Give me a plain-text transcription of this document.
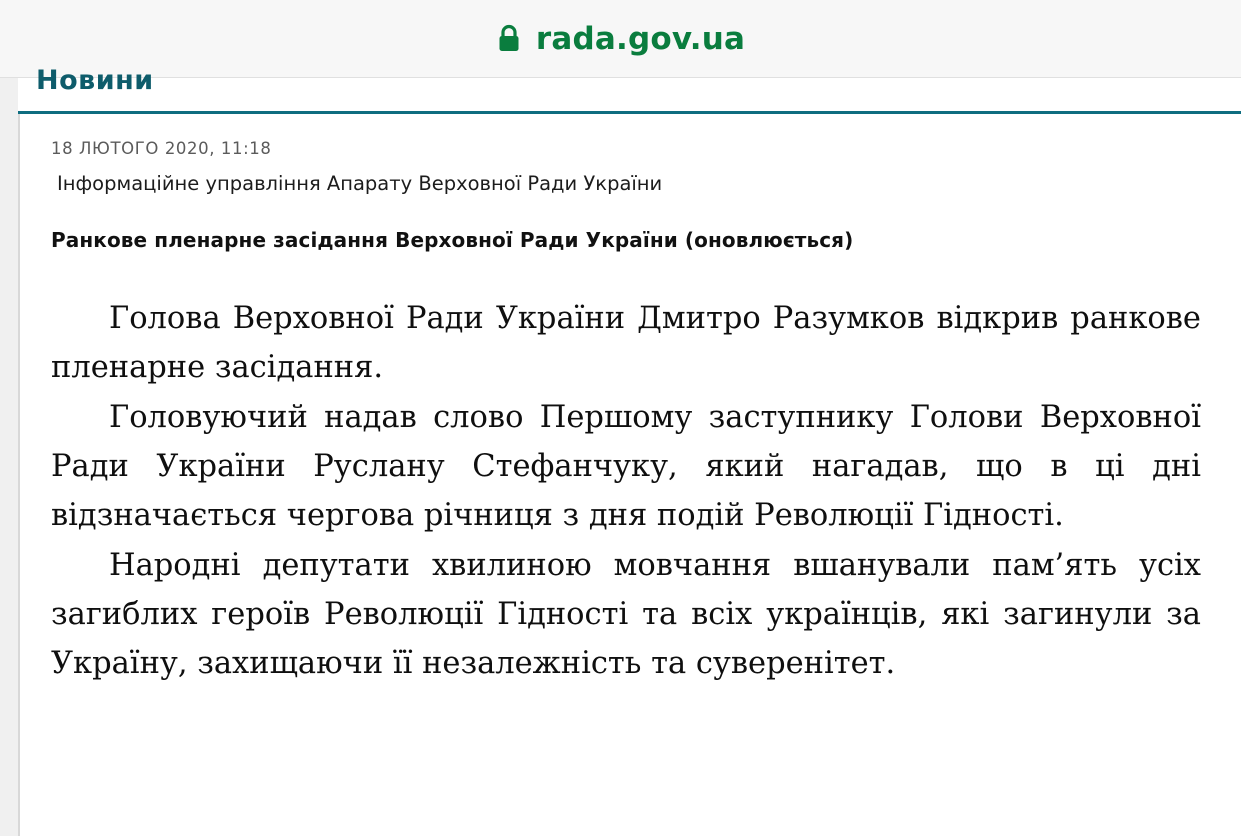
rada.gov.ua
Новини
18 ЛЮТОГО 2020, 11:18
Інформаційне управління Апарату Верховної Ради України
Ранкове пленарне засідання Верховної Ради України (оновлюється)

Голова Верховної Ради України Дмитро Разумков відкрив ранкове пленарне засідання.

Головуючий надав слово Першому заступнику Голови Верховної Ради України Руслану Стефанчуку, який нагадав, що в ці дні відзначається чергова річниця з дня подій Революції Гідності.

Народні депутати хвилиною мовчання вшанували пам’ять усіх загиблих героїв Революції Гідності та всіх українців, які загинули за Україну, захищаючи її незалежність та суверенітет.
